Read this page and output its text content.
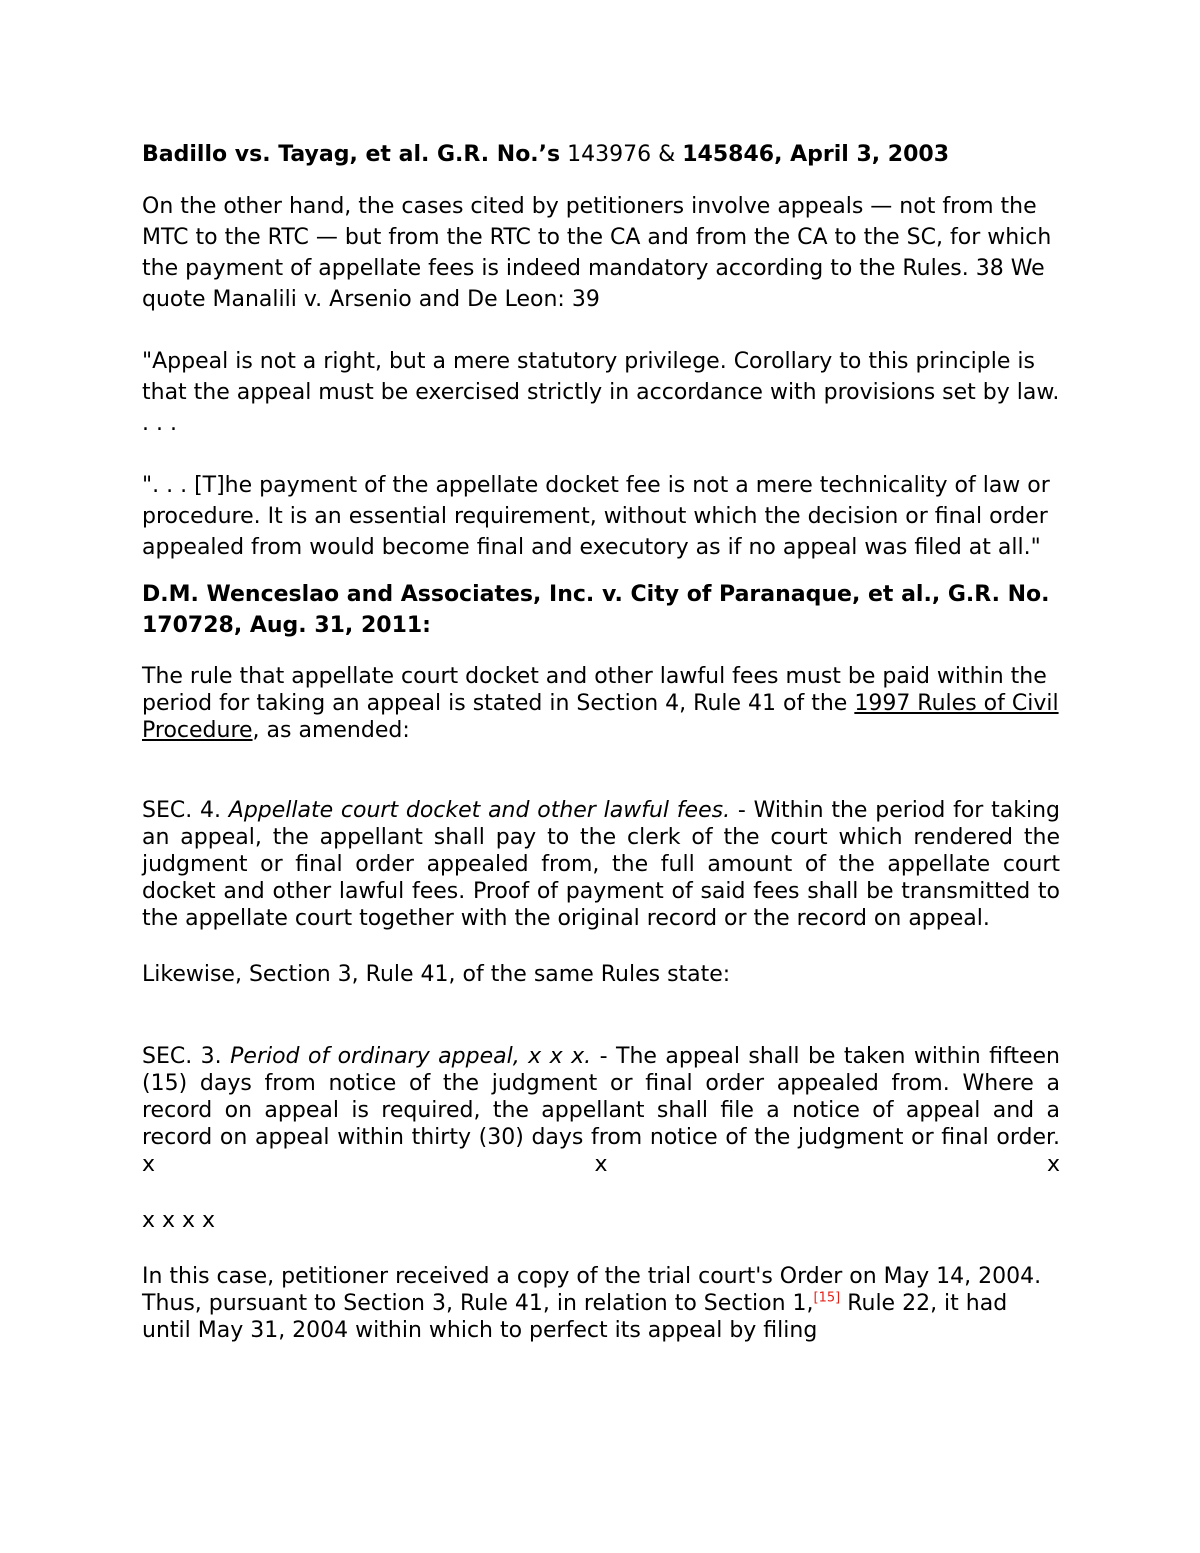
Badillo vs. Tayag, et al. G.R. No.’s 143976 & 145846, April 3, 2003

On the other hand, the cases cited by petitioners involve appeals — not from the MTC to the RTC — but from the RTC to the CA and from the CA to the SC, for which the payment of appellate fees is indeed mandatory according to the Rules. 38 We quote Manalili v. Arsenio and De Leon: 39

"Appeal is not a right, but a mere statutory privilege. Corollary to this principle is that the appeal must be exercised strictly in accordance with provisions set by law. . . .

". . . [T]he payment of the appellate docket fee is not a mere technicality of law or procedure. It is an essential requirement, without which the decision or final order appealed from would become final and executory as if no appeal was filed at all."

D.M. Wenceslao and Associates, Inc. v. City of Paranaque, et al., G.R. No. 170728, Aug. 31, 2011:

The rule that appellate court docket and other lawful fees must be paid within the period for taking an appeal is stated in Section 4, Rule 41 of the 1997 Rules of Civil Procedure, as amended:

SEC. 4. Appellate court docket and other lawful fees. - Within the period for taking an appeal, the appellant shall pay to the clerk of the court which rendered the judgment or final order appealed from, the full amount of the appellate court docket and other lawful fees. Proof of payment of said fees shall be transmitted to the appellate court together with the original record or the record on appeal.

Likewise, Section 3, Rule 41, of the same Rules state:

SEC. 3. Period of ordinary appeal, x x x. - The appeal shall be taken within fifteen (15) days from notice of the judgment or final order appealed from. Where a record on appeal is required, the appellant shall file a notice of appeal and a record on appeal within thirty (30) days from notice of the judgment or final order. x x x

x x x x

In this case, petitioner received a copy of the trial court's Order on May 14, 2004. Thus, pursuant to Section 3, Rule 41, in relation to Section 1,[15] Rule 22, it had until May 31, 2004 within which to perfect its appeal by filing
